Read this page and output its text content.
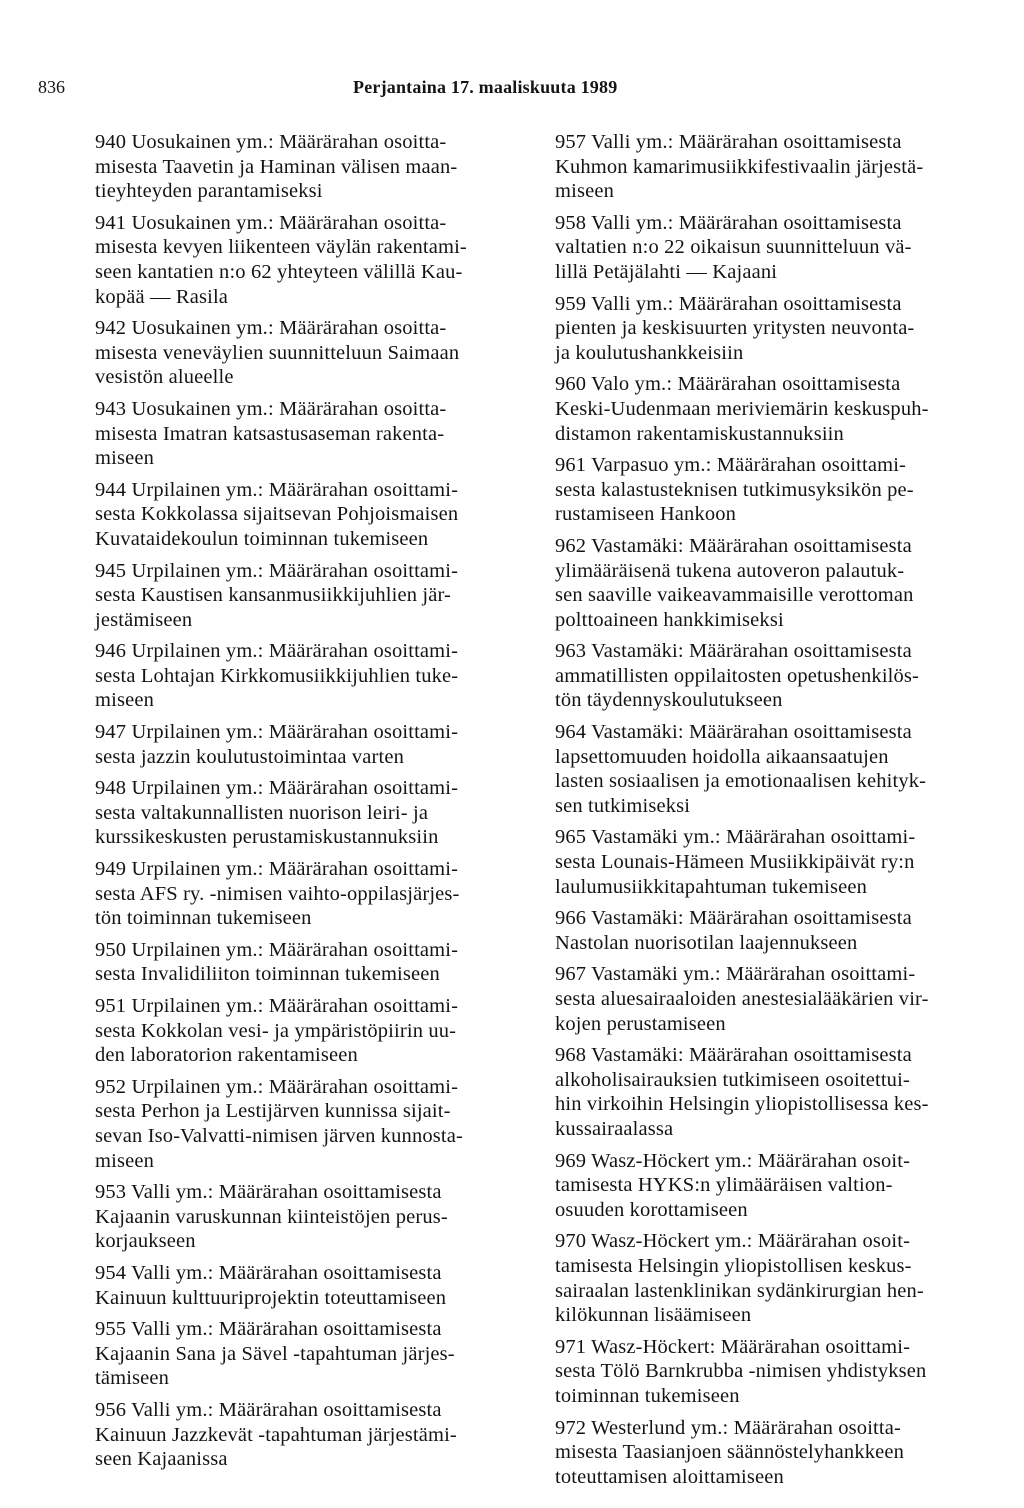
836	Perjantaina 17. maaliskuuta 1989

940 Uosukainen ym.: Määrärahan osoitta-
misesta Taavetin ja Haminan välisen maan-
tieyhteyden parantamiseksi

941 Uosukainen ym.: Määrärahan osoitta-
misesta kevyen liikenteen väylän rakentami-
seen kantatien n:o 62 yhteyteen välillä Kau-
kopää — Rasila

942 Uosukainen ym.: Määrärahan osoitta-
misesta veneväylien suunnitteluun Saimaan
vesistön alueelle

943 Uosukainen ym.: Määrärahan osoitta-
misesta Imatran katsastusaseman rakenta-
miseen

944 Urpilainen ym.: Määrärahan osoittami-
sesta Kokkolassa sijaitsevan Pohjoismaisen
Kuvataidekoulun toiminnan tukemiseen

945 Urpilainen ym.: Määrärahan osoittami-
sesta Kaustisen kansanmusiikkijuhlien jär-
jestämiseen

946 Urpilainen ym.: Määrärahan osoittami-
sesta Lohtajan Kirkkomusiikkijuhlien tuke-
miseen

947 Urpilainen ym.: Määrärahan osoittami-
sesta jazzin koulutustoimintaa varten

948 Urpilainen ym.: Määrärahan osoittami-
sesta valtakunnallisten nuorison leiri- ja
kurssikeskusten perustamiskustannuksiin

949 Urpilainen ym.: Määrärahan osoittami-
sesta AFS ry. -nimisen vaihto-oppilasjärjes-
tön toiminnan tukemiseen

950 Urpilainen ym.: Määrärahan osoittami-
sesta Invalidiliiton toiminnan tukemiseen

951 Urpilainen ym.: Määrärahan osoittami-
sesta Kokkolan vesi- ja ympäristöpiirin uu-
den laboratorion rakentamiseen

952 Urpilainen ym.: Määrärahan osoittami-
sesta Perhon ja Lestijärven kunnissa sijait-
sevan Iso-Valvatti-nimisen järven kunnosta-
miseen

953 Valli ym.: Määrärahan osoittamisesta
Kajaanin varuskunnan kiinteistöjen perus-
korjaukseen

954 Valli ym.: Määrärahan osoittamisesta
Kainuun kulttuuriprojektin toteuttamiseen

955 Valli ym.: Määrärahan osoittamisesta
Kajaanin Sana ja Sävel -tapahtuman järjes-
tämiseen

956 Valli ym.: Määrärahan osoittamisesta
Kainuun Jazzkevät -tapahtuman järjestämi-
seen Kajaanissa

957 Valli ym.: Määrärahan osoittamisesta
Kuhmon kamarimusiikkifestivaalin järjestä-
miseen

958 Valli ym.: Määrärahan osoittamisesta
valtatien n:o 22 oikaisun suunnitteluun vä-
lillä Petäjälahti — Kajaani

959 Valli ym.: Määrärahan osoittamisesta
pienten ja keskisuurten yritysten neuvonta-
ja koulutushankkeisiin

960 Valo ym.: Määrärahan osoittamisesta
Keski-Uudenmaan meriviemärin keskuspuh-
distamon rakentamiskustannuksiin

961 Varpasuo ym.: Määrärahan osoittami-
sesta kalastusteknisen tutkimusyksikön pe-
rustamiseen Hankoon

962 Vastamäki: Määrärahan osoittamisesta
ylimääräisenä tukena autoveron palautuk-
sen saaville vaikeavammaisille verottoman
polttoaineen hankkimiseksi

963 Vastamäki: Määrärahan osoittamisesta
ammatillisten oppilaitosten opetushenkilös-
tön täydennyskoulutukseen

964 Vastamäki: Määrärahan osoittamisesta
lapsettomuuden hoidolla aikaansaatujen
lasten sosiaalisen ja emotionaalisen kehityk-
sen tutkimiseksi

965 Vastamäki ym.: Määrärahan osoittami-
sesta Lounais-Hämeen Musiikkipäivät ry:n
laulumusiikkitapahtuman tukemiseen

966 Vastamäki: Määrärahan osoittamisesta
Nastolan nuorisotilan laajennukseen

967 Vastamäki ym.: Määrärahan osoittami-
sesta aluesairaaloiden anestesialääkärien vir-
kojen perustamiseen

968 Vastamäki: Määrärahan osoittamisesta
alkoholisairauksien tutkimiseen osoitettui-
hin virkoihin Helsingin yliopistollisessa kes-
kussairaalassa

969 Wasz-Höckert ym.: Määrärahan osoit-
tamisesta HYKS:n ylimääräisen valtion-
osuuden korottamiseen

970 Wasz-Höckert ym.: Määrärahan osoit-
tamisesta Helsingin yliopistollisen keskus-
sairaalan lastenklinikan sydänkirurgian hen-
kilökunnan lisäämiseen

971 Wasz-Höckert: Määrärahan osoittami-
sesta Tölö Barnkrubba -nimisen yhdistyksen
toiminnan tukemiseen

972 Westerlund ym.: Määrärahan osoitta-
misesta Taasianjoen säännöstelyhankkeen
toteuttamisen aloittamiseen
